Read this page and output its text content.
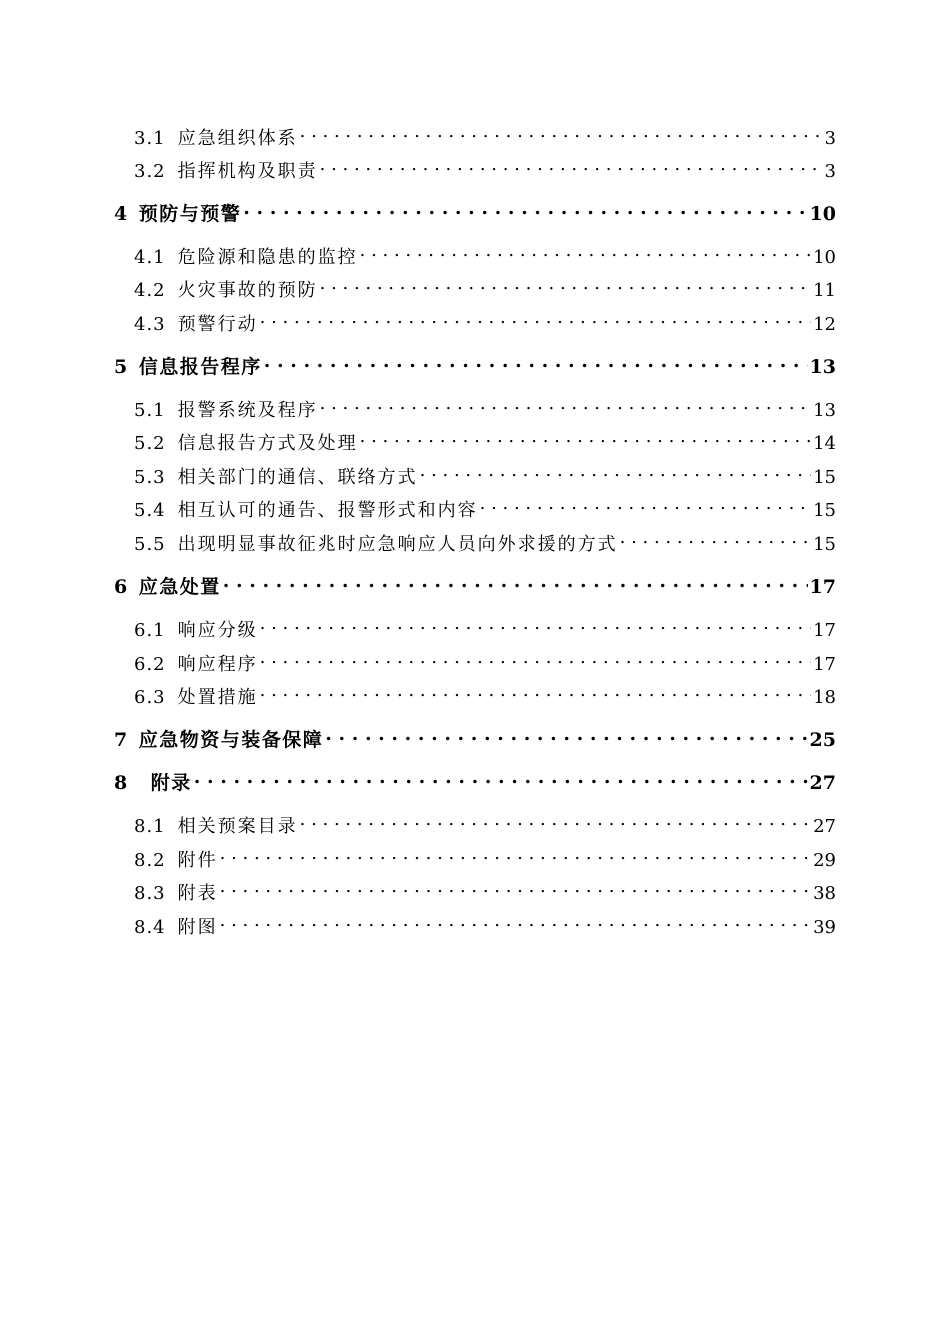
3.1 应急组织体系 . . .	3
3.2 指挥机构及职责 . . .	3
4 预防与预警 . . .	10
4.1 危险源和隐患的监控 . . .	10
4.2 火灾事故的预防 . . .	11
4.3 预警行动 . . .	12
5 信息报告程序 . . .	13
5.1 报警系统及程序 . . .	13
5.2 信息报告方式及处理 . . .	14
5.3 相关部门的通信、联络方式 . . .	15
5.4 相互认可的通告、报警形式和内容 . . .	15
5.5 出现明显事故征兆时应急响应人员向外求援的方式 . . .	15
6 应急处置 . . .	17
6.1 响应分级 . . .	17
6.2 响应程序 . . .	17
6.3 处置措施 . . .	18
7 应急物资与装备保障 . . .	25
8 附录 . . .	27
8.1 相关预案目录 . . .	27
8.2 附件 . . .	29
8.3 附表 . . .	38
8.4 附图 . . .	39
